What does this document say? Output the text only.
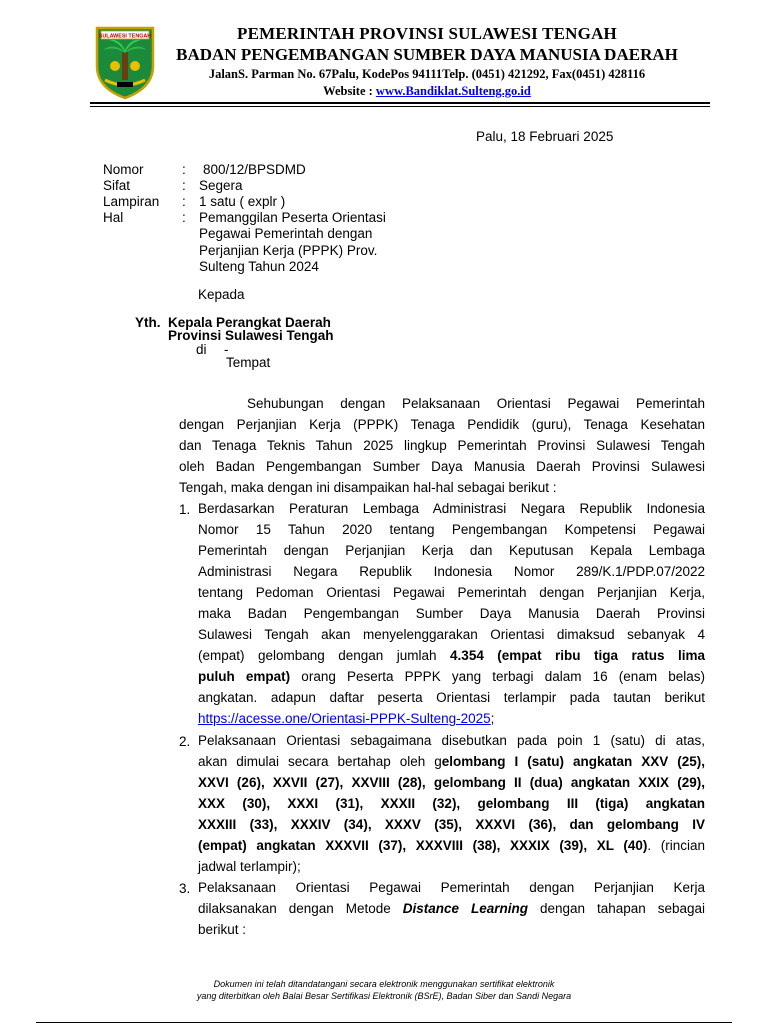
SULAWESI TENGAH	PEMERINTAH PROVINSI SULAWESI TENGAH
BADAN PENGEMBANGAN SUMBER DAYA MANUSIA DAERAH
JalanS. Parman No. 67Palu, KodePos 94111Telp. (0451) 421292, Fax(0451) 428116
Website : www.Bandiklat.Sulteng.go.id
Palu, 18 Februari 2025
Nomor	: 800/12/BPSDMD
Sifat	: Segera
Lampiran : 1 satu ( explr )
Hal	: Pemanggilan Peserta Orientasi
Pegawai Pemerintah dengan
Perjanjian Kerja (PPPK) Prov.
Sulteng Tahun 2024
Kepada
Yth. Kepala Perangkat Daerah
Provinsi Sulawesi Tengah
di -
Tempat
Sehubungan dengan Pelaksanaan Orientasi Pegawai Pemerintah
dengan Perjanjian Kerja (PPPK) Tenaga Pendidik (guru), Tenaga Kesehatan
dan Tenaga Teknis Tahun 2025 lingkup Pemerintah Provinsi Sulawesi Tengah
oleh Badan Pengembangan Sumber Daya Manusia Daerah Provinsi Sulawesi
Tengah, maka dengan ini disampaikan hal-hal sebagai berikut :
1. Berdasarkan Peraturan Lembaga Administrasi Negara Republik Indonesia
Nomor 15 Tahun 2020 tentang Pengembangan Kompetensi Pegawai
Pemerintah dengan Perjanjian Kerja dan Keputusan Kepala Lembaga
Administrasi Negara Republik Indonesia Nomor 289/K.1/PDP.07/2022
tentang Pedoman Orientasi Pegawai Pemerintah dengan Perjanjian Kerja,
maka Badan Pengembangan Sumber Daya Manusia Daerah Provinsi
Sulawesi Tengah akan menyelenggarakan Orientasi dimaksud sebanyak 4
(empat) gelombang dengan jumlah 4.354 (empat ribu tiga ratus lima
puluh empat) orang Peserta PPPK yang terbagi dalam 16 (enam belas)
angkatan. adapun daftar peserta Orientasi terlampir pada tautan berikut
https://acesse.one/Orientasi-PPPK-Sulteng-2025;
2. Pelaksanaan Orientasi sebagaimana disebutkan pada poin 1 (satu) di atas,
akan dimulai secara bertahap oleh gelombang I (satu) angkatan XXV (25),
XXVI (26), XXVII (27), XXVIII (28), gelombang II (dua) angkatan XXIX (29),
XXX (30), XXXI (31), XXXII (32), gelombang III (tiga) angkatan
XXXIII (33), XXXIV (34), XXXV (35), XXXVI (36), dan gelombang IV
(empat) angkatan XXXVII (37), XXXVIII (38), XXXIX (39), XL (40). (rincian
jadwal terlampir);
3. Pelaksanaan Orientasi Pegawai Pemerintah dengan Perjanjian Kerja
dilaksanakan dengan Metode Distance Learning dengan tahapan sebagai
berikut :
Dokumen ini telah ditandatangani secara elektronik menggunakan sertifikat elektronik
yang diterbitkan oleh Balai Besar Sertifikasi Elektronik (BSrE), Badan Siber dan Sandi Negara
